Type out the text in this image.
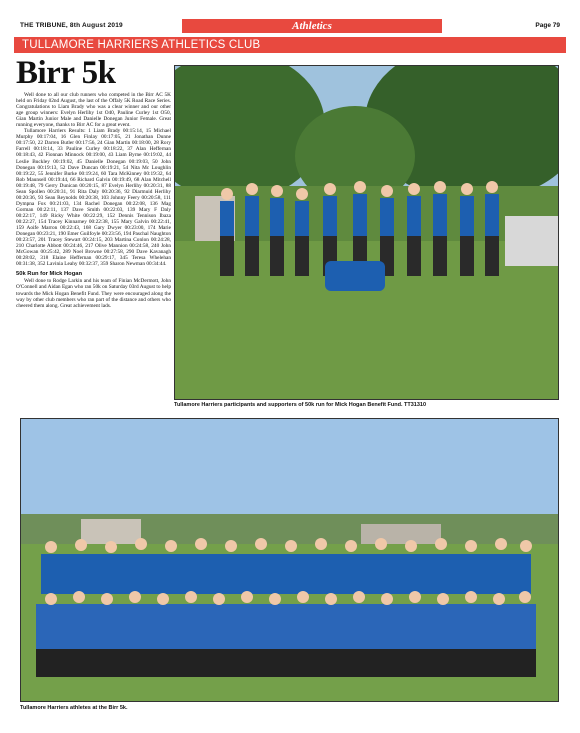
THE TRIBUNE, 8th August 2019	Athletics	Page 79
TULLAMORE HARRIERS ATHLETICS CLUB
Birr 5k

Well done to all our club runners who competed in the Birr AC 5K held on Friday 02nd August, the last of the Offaly 5K Road Race Series. Congratulations to Liam Brady who was a clear winner and our other age group winners: Evelyn Herlihy 1st O40, Pauline Curley 1st O50, Gian Martin Junior Male and Danielle Donegan Junior Female. Great running everyone, thanks to Birr AC for a great event.

Tullamore Harriers Results: 1 Liam Brady 00:15:14, 15 Michael Murphy 00:17:04, 16 Glen Finlay 00:17:05, 21 Jonathan Dunne 00:17:50, 22 Darren Butler 00:17:56, 24 Gian Martin 00:18:00, 28 Rory Farrell 00:18:14, 33 Pauline Curley 00:18:22, 37 Alan Heffernan 00:18:43, 42 Fionnan Minnock 00:19:00, 43 Liam Byrne 00:19:02, 44 Leslie Buckley 00:19:02, 45 Danielle Donegan 00:19:03, 50 John Donegan 00:19:13, 52 Dave Duncan 00:19:21, 54 Nita Mc Loughlin 00:19:22, 55 Jennifer Burke 00:19:24, 60 Tara McKinney 00:19:32, 64 Rob Maunsell 00:19:44, 66 Richard Galvin 00:19:49, 68 Alan Mitchell 00:19:48, 79 Gerry Dunican 00:20:15, 87 Evelyn Herlihy 00:20:31, 88 Sean Spollen 00:20:31, 91 Rita Daly 00:20:36, 92 Diarmuid Herlihy 00:20:36, 93 Sean Reynolds 00:20:38, 103 Johnny Feery 00:20:58, 111 Dympna Fox 00:21:03, 134 Rachel Donegan 00:22:08, 136 Mag Gorman 00:22:11, 137 Dave Smith 00:22:03, 139 Mary F Daly 00:22:17, 149 Ricky White 00:22:29, 152 Dennis Tennison Ibaza 00:22:27, 154 Tracey Kinnarney 00:22:38, 155 Mary Galvin 00:22:41, 159 Aoife Marron 00:22:43, 168 Gary Dwyer 00:23:00, 174 Marie Donegan 00:23:21, 190 Emer Guilfoyle 00:23:56, 194 Paschal Naughton 00:23:57, 201 Tracey Stewart 00:24:15, 203 Martina Conlon 00:24:28, 210 Charlotte Abbott 00:24:46, 217 Olive Mannion 00:24:58, 240 John McGowan 00:25:42, 289 Noel Browne 00:27:58, 290 Dave Kavanagh 00:28:02, 318 Elaine Heffernan 00:29:17, 345 Teresa Whelehan 00:31:38, 352 Lavinia Leahy 00:32:37, 359 Sharon Newman 00:34:44.

50k Run for Mick Hogan

Well done to Rodge Larkin and his team of Finian McDermott, John O'Connell and Aidan Egan who ran 50k on Saturday 03rd August to help towards the Mick Hogan Benefit Fund. They were encouraged along the way by other club members who ran part of the distance and others who cheered them along. Great achievement lads.

Tullamore Harriers participants and supporters of 50k run for Mick Hogan Benefit Fund. TT31310
Tullamore Harriers athletes at the Birr 5k.
